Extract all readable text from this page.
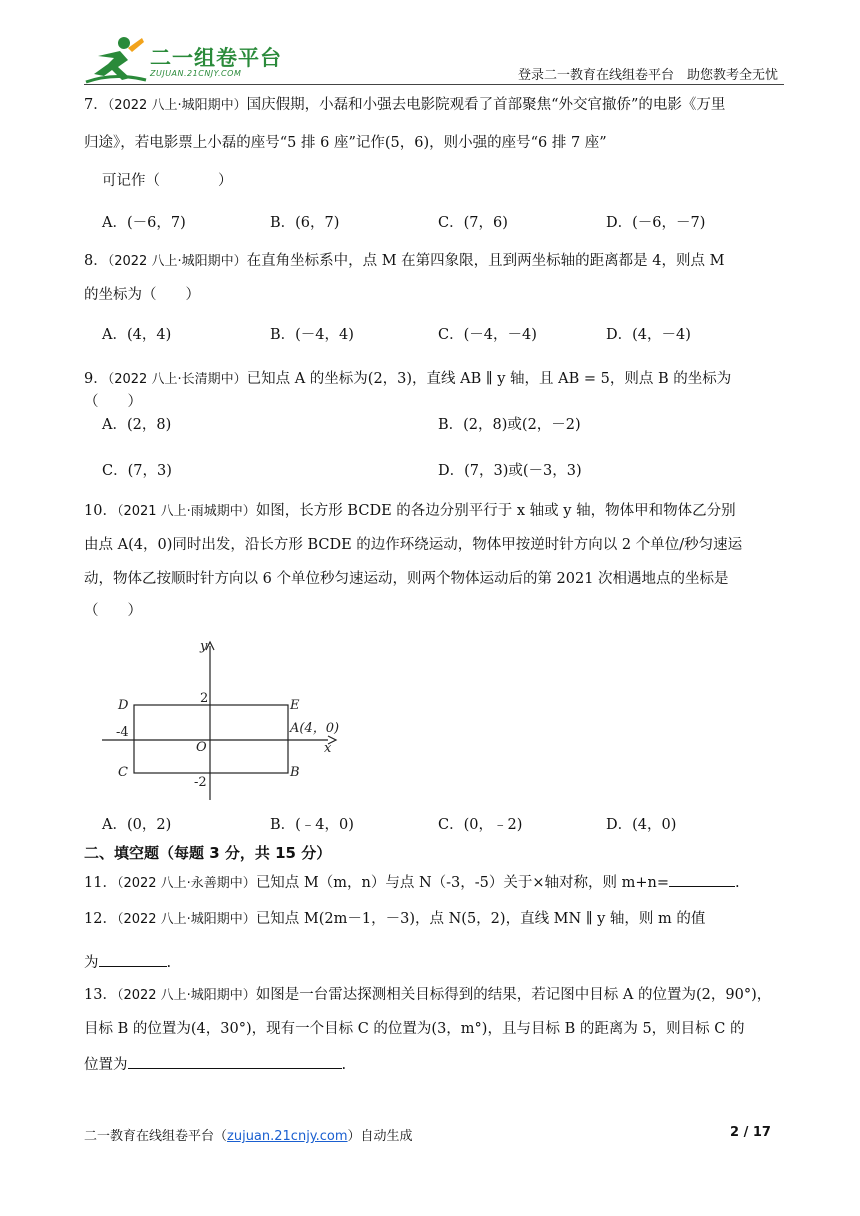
二一组卷平台
ZUJUAN.21CNJY.COM	登录二一教育在线组卷平台　助您教考全无忧
7．（2022 八上·城阳期中）国庆假期，小磊和小强去电影院观看了首部聚焦“外交官撤侨”的电影《万里
归途》，若电影票上小磊的座号“5 排 6 座”记作(5，6)，则小强的座号“6 排 7 座”
可记作（　　　　）
A．(－6，7)	B．(6，7)	C．(7，6)	D．(－6，－7)
8．（2022 八上·城阳期中）在直角坐标系中，点 M 在第四象限，且到两坐标轴的距离都是 4，则点 M
的坐标为（　　）
A．(4，4)	B．(－4，4)	C．(－4，－4)	D．(4，－4)
9．（2022 八上·长清期中）已知点 A 的坐标为(2，3)，直线 AB ∥ y 轴，且 AB = 5，则点 B 的坐标为（　　）
A．(2，8)	B．(2，8)或(2，－2)
C．(7，3)	D．(7，3)或(－3，3)
10．（2021 八上·雨城期中）如图，长方形 BCDE 的各边分别平行于 x 轴或 y 轴，物体甲和物体乙分别
由点 A(4，0)同时出发，沿长方形 BCDE 的边作环绕运动，物体甲按逆时针方向以 2 个单位/秒匀速运
动，物体乙按顺时针方向以 6 个单位秒匀速运动，则两个物体运动后的第 2021 次相遇地点的坐标是
（　　）
y
x
D	E
C	B
O
A(4，0)
2
-4
-2
A．(0，2)	B．(﹣4，0)	C．(0，﹣2)	D．(4，0)
二、填空题（每题 3 分，共 15 分）
11．（2022 八上·永善期中）已知点 M（m，n）与点 N（-3，-5）关于×轴对称，则 m+n=	.
12．（2022 八上·城阳期中）已知点 M(2m－1，－3)，点 N(5，2)，直线 MN ∥ y 轴，则 m 的值
为	.
13．（2022 八上·城阳期中）如图是一台雷达探测相关目标得到的结果，若记图中目标 A 的位置为(2，90°)，
目标 B 的位置为(4，30°)，现有一个目标 C 的位置为(3，m°)，且与目标 B 的距离为 5，则目标 C 的
位置为	.
二一教育在线组卷平台（zujuan.21cnjy.com）自动生成	2 / 17
